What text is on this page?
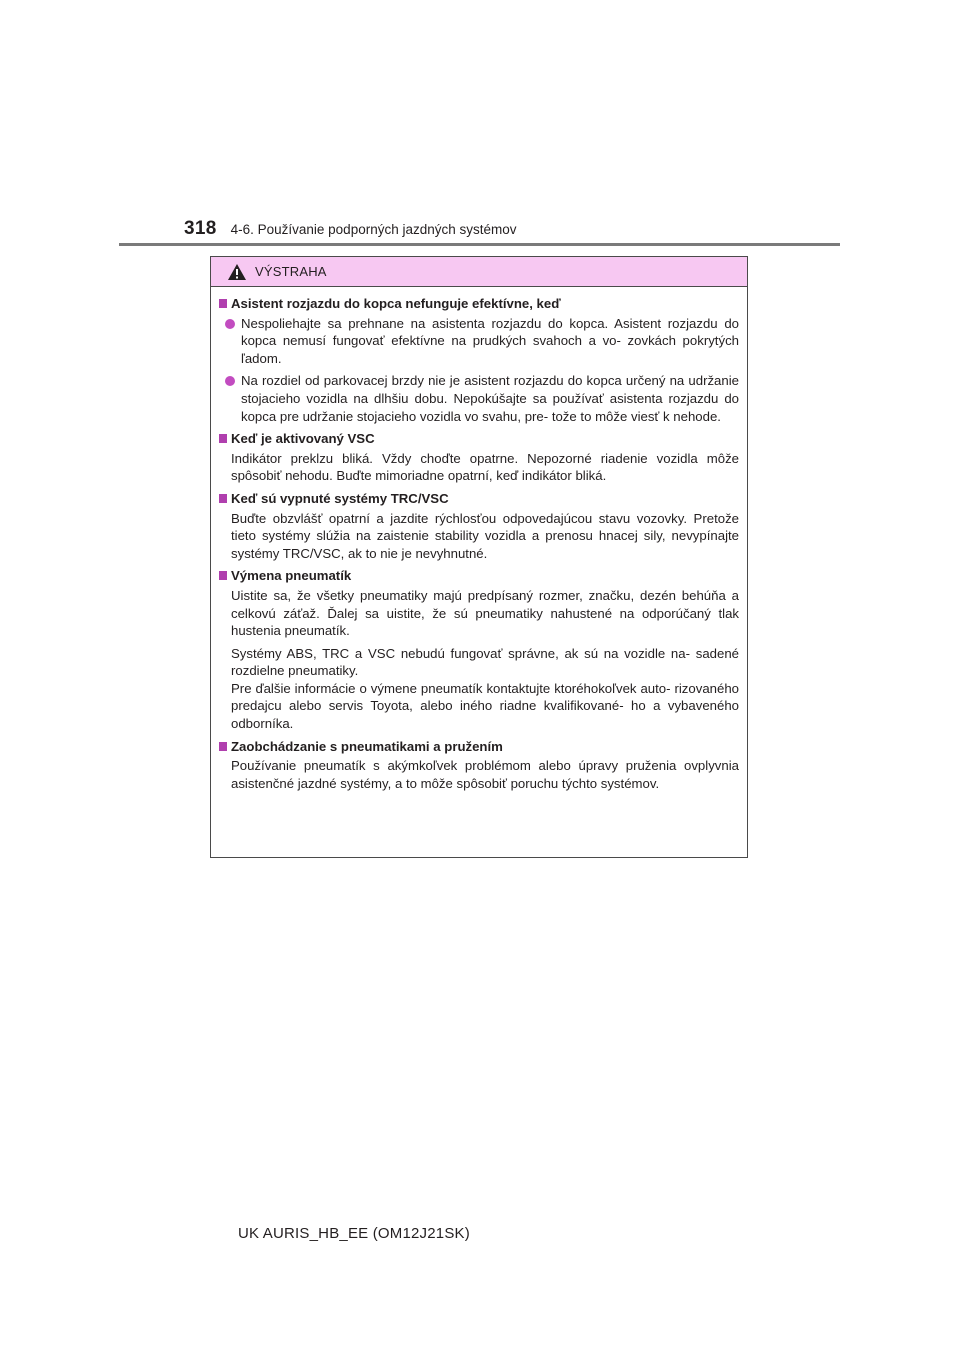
318 4-6. Používanie podporných jazdných systémov
VÝSTRAHA
Asistent rozjazdu do kopca nefunguje efektívne, keď
Nespoliehajte sa prehnane na asistenta rozjazdu do kopca. Asistent rozjazdu do kopca nemusí fungovať efektívne na prudkých svahoch a vo- zovkách pokrytých ľadom.
Na rozdiel od parkovacej brzdy nie je asistent rozjazdu do kopca určený na udržanie stojacieho vozidla na dlhšiu dobu. Nepokúšajte sa používať asistenta rozjazdu do kopca pre udržanie stojacieho vozidla vo svahu, pre- tože to môže viesť k nehode.
Keď je aktivovaný VSC
Indikátor preklzu bliká. Vždy choďte opatrne. Nepozorné riadenie vozidla môže spôsobiť nehodu. Buďte mimoriadne opatrní, keď indikátor bliká.
Keď sú vypnuté systémy TRC/VSC
Buďte obzvlášť opatrní a jazdite rýchlosťou odpovedajúcou stavu vozovky. Pretože tieto systémy slúžia na zaistenie stability vozidla a prenosu hnacej sily, nevypínajte systémy TRC/VSC, ak to nie je nevyhnutné.
Výmena pneumatík
Uistite sa, že všetky pneumatiky majú predpísaný rozmer, značku, dezén behúňa a celkovú záťaž. Ďalej sa uistite, že sú pneumatiky nahustené na odporúčaný tlak hustenia pneumatík.
Systémy ABS, TRC a VSC nebudú fungovať správne, ak sú na vozidle na- sadené rozdielne pneumatiky.
Pre ďalšie informácie o výmene pneumatík kontaktujte ktoréhokoľvek auto- rizovaného predajcu alebo servis Toyota, alebo iného riadne kvalifikované- ho a vybaveného odborníka.
Zaobchádzanie s pneumatikami a pružením
Používanie pneumatík s akýmkoľvek problémom alebo úpravy pruženia ovplyvnia asistenčné jazdné systémy, a to môže spôsobiť poruchu týchto systémov.
UK AURIS_HB_EE (OM12J21SK)
